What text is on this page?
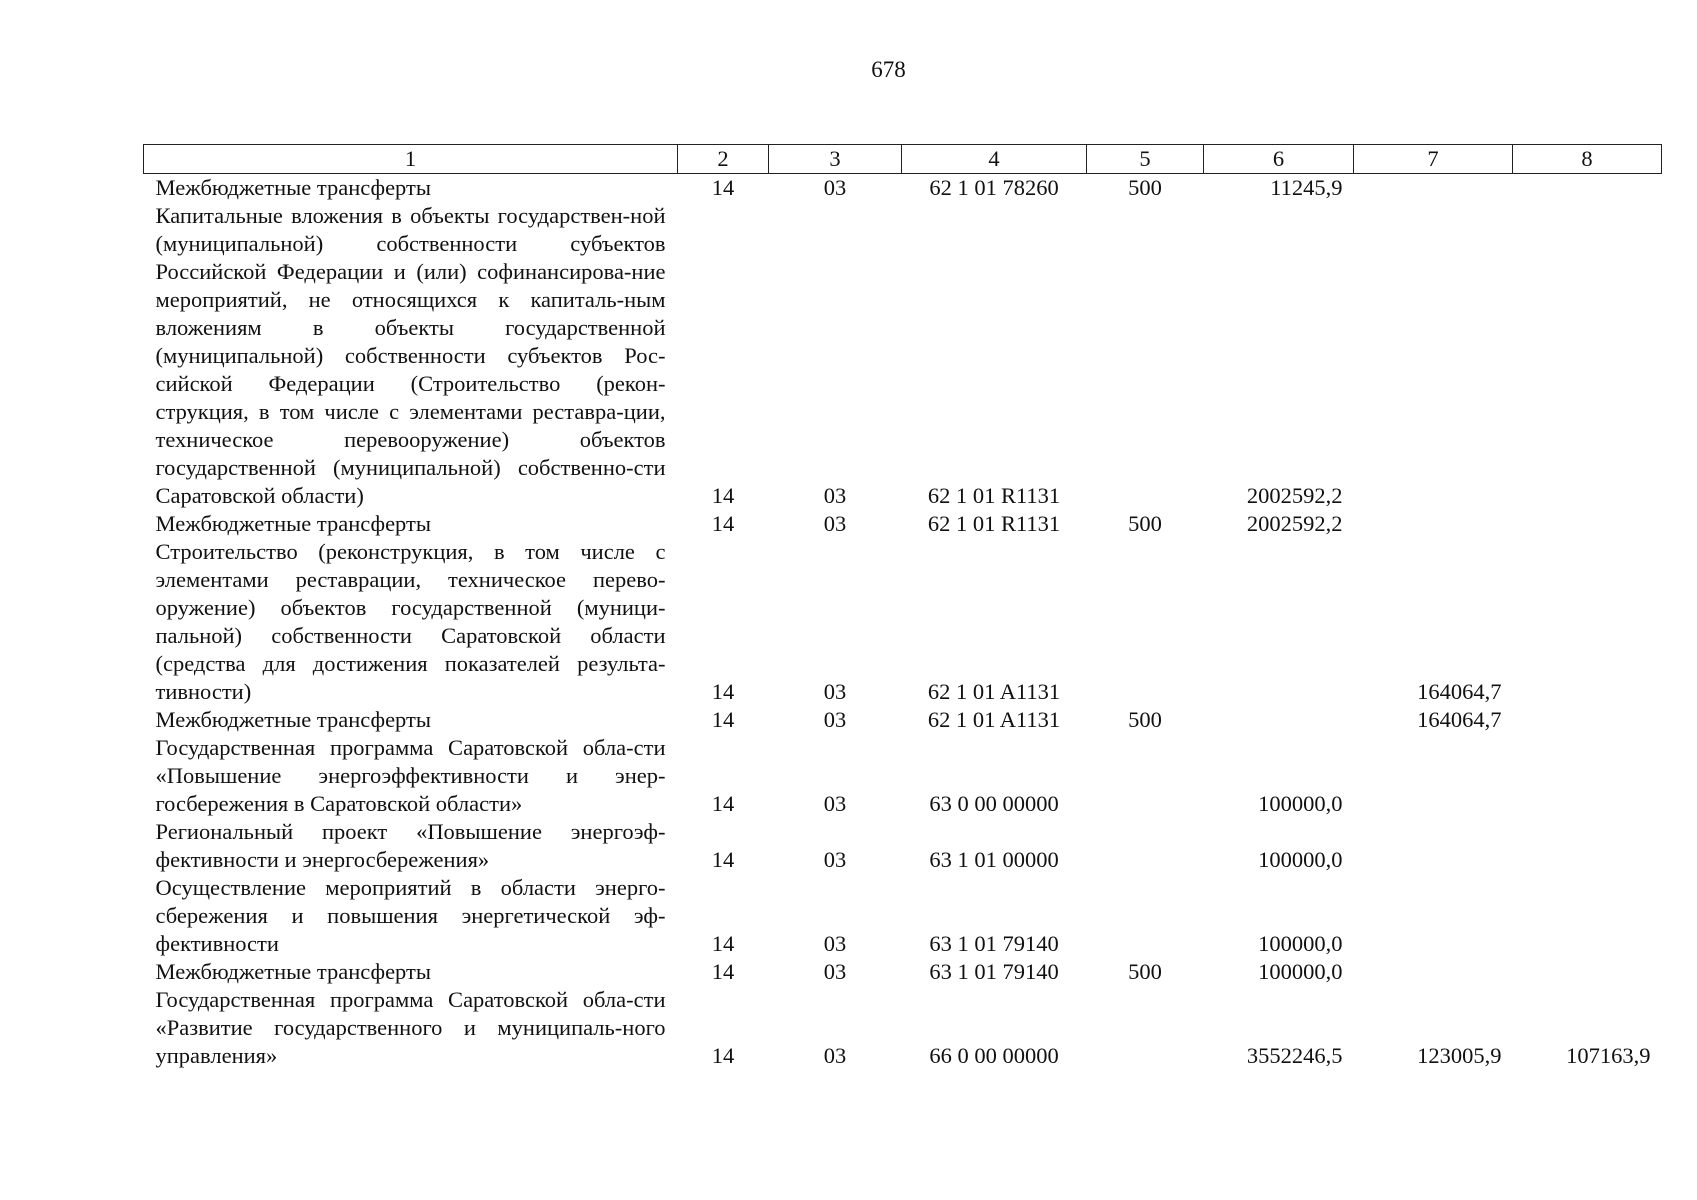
678
1	2	3	4	5	6	7	8
Межбюджетные трансферты	14	03	62 1 01 78260	500	11245,9		
Капитальные вложения в объекты государствен-ной (муниципальной) собственности субъектов Российской Федерации и (или) софинансирова-ние мероприятий, не относящихся к капиталь-ным вложениям в объекты государственной (муниципальной) собственности субъектов Рос-сийской Федерации (Строительство (рекон-струкция, в том числе с элементами реставра-ции, техническое перевооружение) объектов государственной (муниципальной) собственно-сти Саратовской области)	14	03	62 1 01 R1131		2002592,2		
Межбюджетные трансферты	14	03	62 1 01 R1131	500	2002592,2		
Строительство (реконструкция, в том числе с элементами реставрации, техническое перево-оружение) объектов государственной (муници-пальной) собственности Саратовской области (средства для достижения показателей результа-тивности)	14	03	62 1 01 A1131			164064,7	
Межбюджетные трансферты	14	03	62 1 01 A1131	500		164064,7	
Государственная программа Саратовской обла-сти «Повышение энергоэффективности и энер-госбережения в Саратовской области»	14	03	63 0 00 00000		100000,0		
Региональный проект «Повышение энергоэф-фективности и энергосбережения»	14	03	63 1 01 00000		100000,0		
Осуществление мероприятий в области энерго-сбережения и повышения энергетической эф-фективности	14	03	63 1 01 79140		100000,0		
Межбюджетные трансферты	14	03	63 1 01 79140	500	100000,0		
Государственная программа Саратовской обла-сти «Развитие государственного и муниципаль-ного управления»	14	03	66 0 00 00000		3552246,5	123005,9	107163,9
